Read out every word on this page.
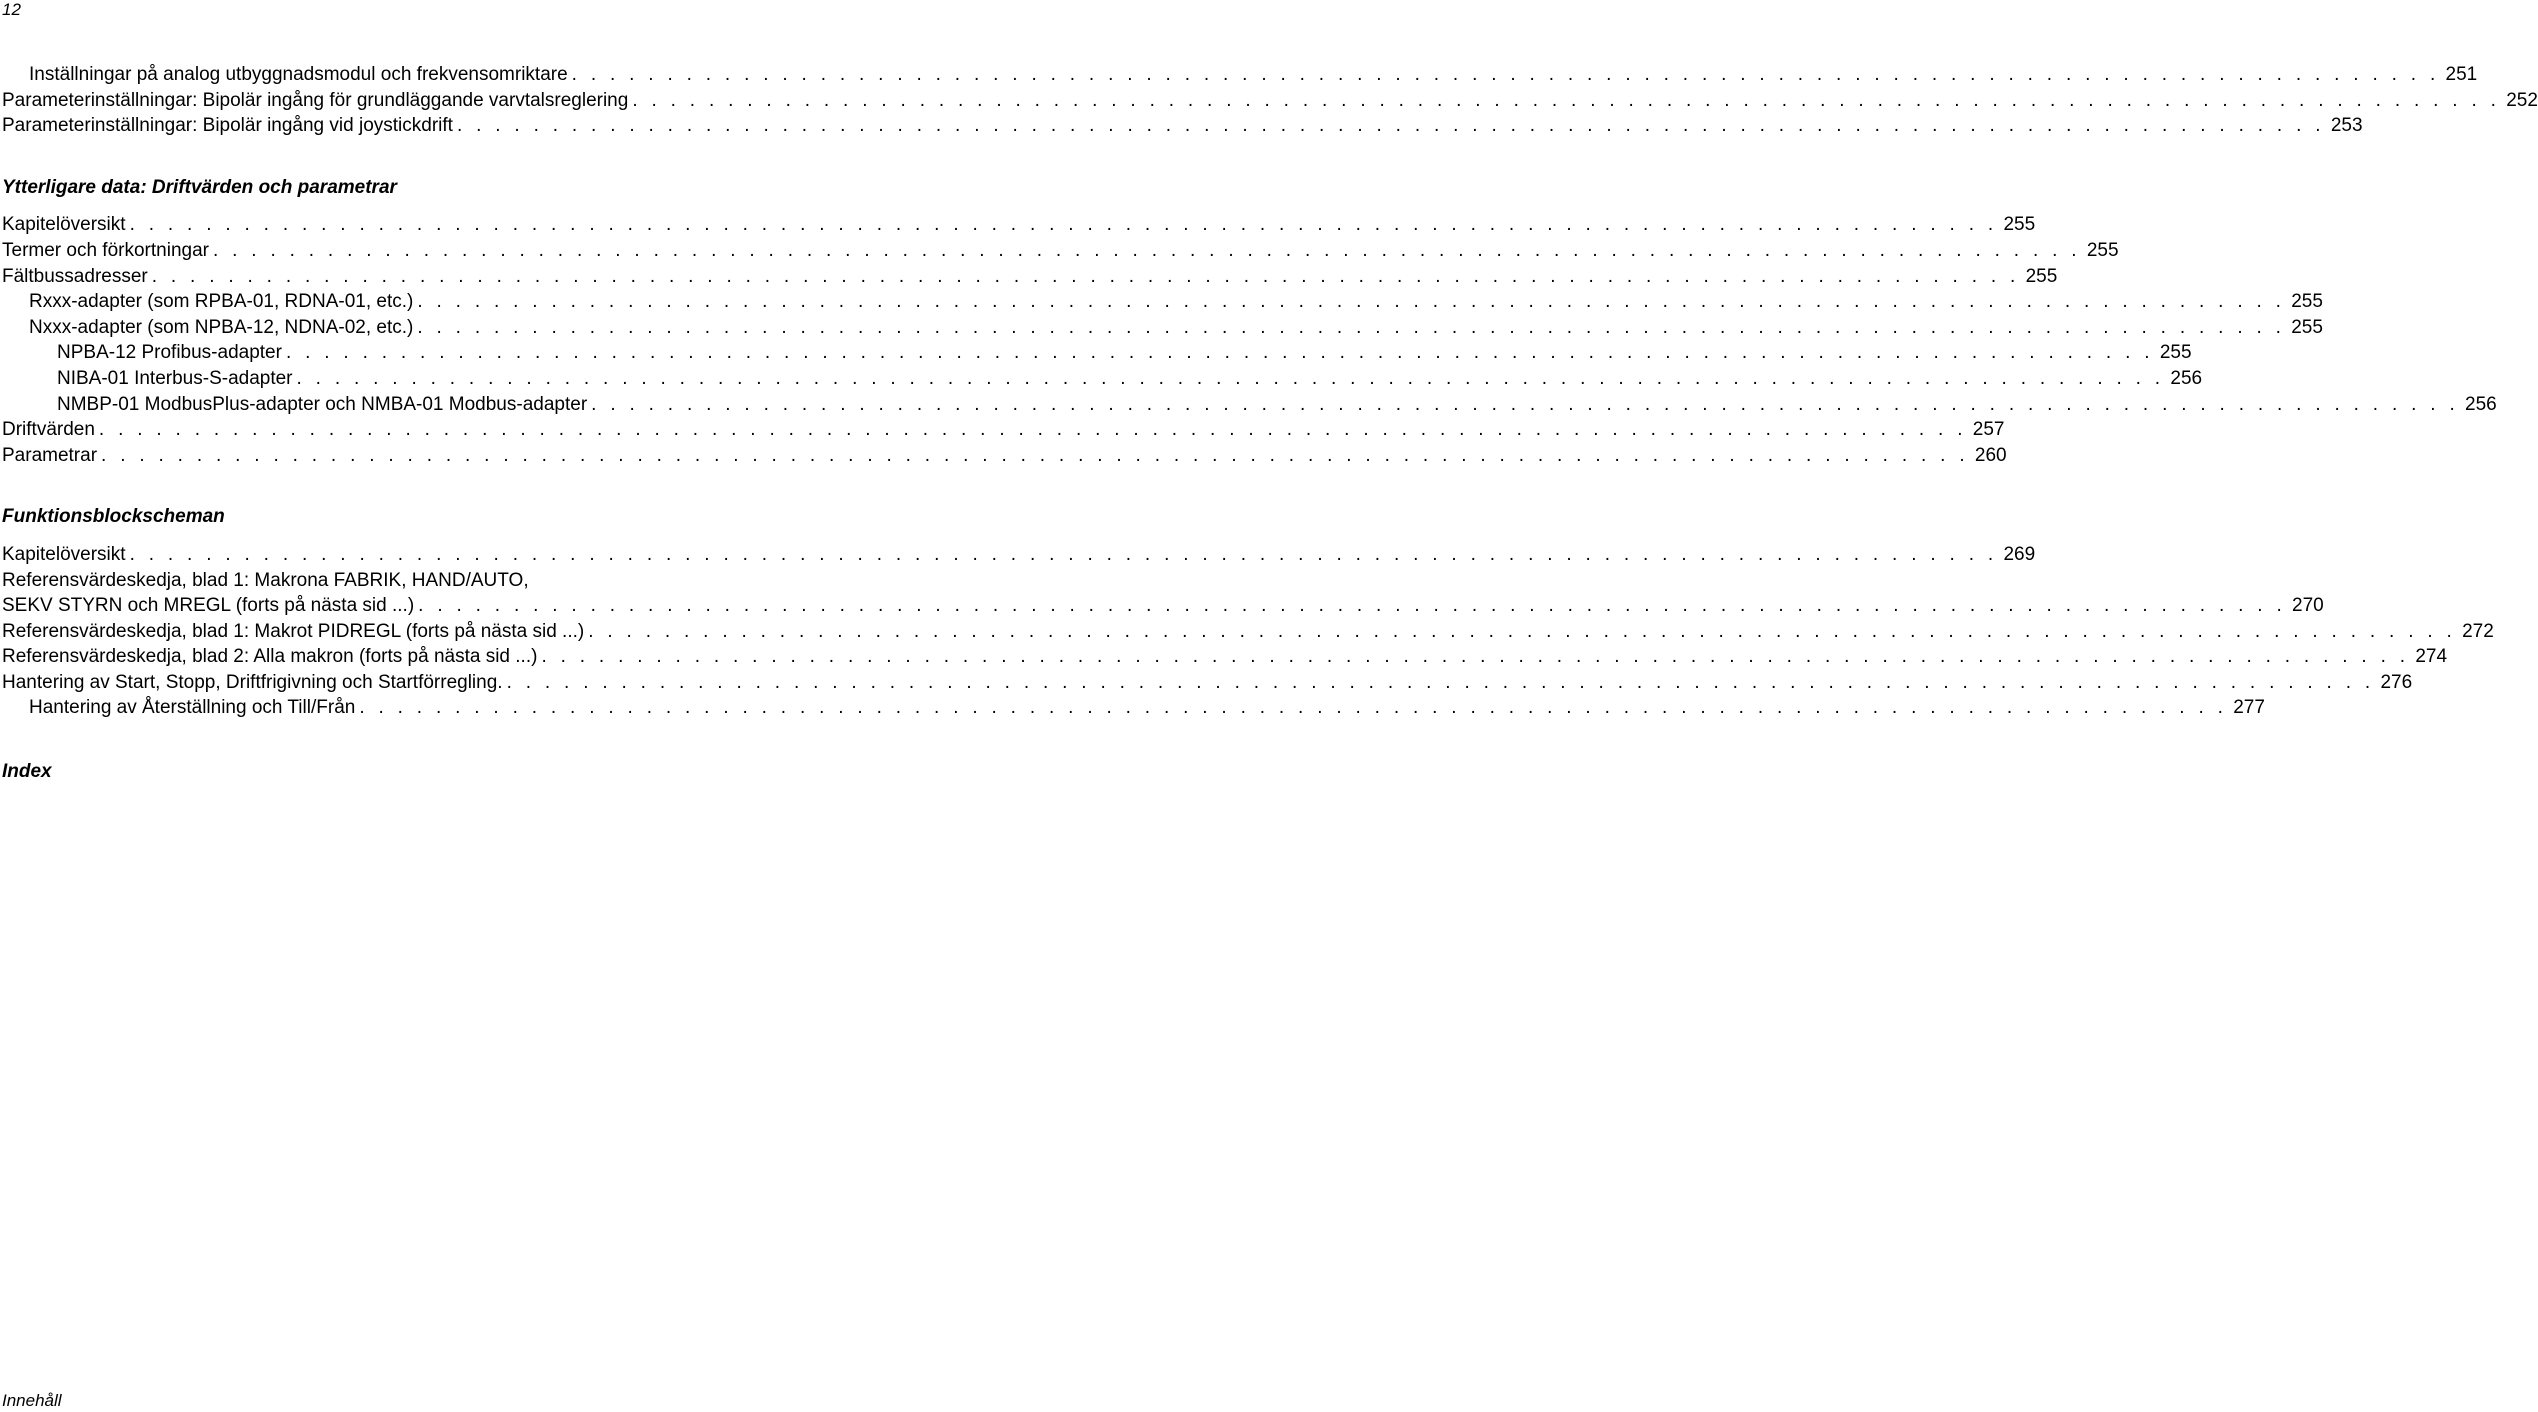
12
Inställningar på analog utbyggnadsmodul och frekvensomriktare . . . . . . . . . . . . . . . . . . . . . . . . . . . . . . . . . . . . . . . . . . . . . . . . . . . . . . . . . . . . . . . . . . . . . . . . . . . . . . . . . . . . . . . . . . . . . . . . . . 251
Parameterinställningar: Bipolär ingång för grundläggande varvtalsreglering . . . . . . . . . . . . . . . . . . . . . . . . . . . . . . . . . . . . . . . . . . . . . . . . . . . . . . . . . . . . . . . . . . . . . . . . . . . . . . . . . . . . . . . . . . . . . . . . . . 252
Parameterinställningar: Bipolär ingång vid joystickdrift . . . . . . . . . . . . . . . . . . . . . . . . . . . . . . . . . . . . . . . . . . . . . . . . . . . . . . . . . . . . . . . . . . . . . . . . . . . . . . . . . . . . . . . . . . . . . . . . . . 253
Ytterligare data: Driftvärden och parametrar
Kapitelöversikt . . . . . . . . . . . . . . . . . . . . . . . . . . . . . . . . . . . . . . . . . . . . . . . . . . . . . . . . . . . . . . . . . . . . . . . . . . . . . . . . . . . . . . . . . . . . . . . . . . 255
Termer och förkortningar . . . . . . . . . . . . . . . . . . . . . . . . . . . . . . . . . . . . . . . . . . . . . . . . . . . . . . . . . . . . . . . . . . . . . . . . . . . . . . . . . . . . . . . . . . . . . . . . . . 255
Fältbussadresser . . . . . . . . . . . . . . . . . . . . . . . . . . . . . . . . . . . . . . . . . . . . . . . . . . . . . . . . . . . . . . . . . . . . . . . . . . . . . . . . . . . . . . . . . . . . . . . . . . 255
Rxxx-adapter (som RPBA-01, RDNA-01, etc.) . . . . . . . . . . . . . . . . . . . . . . . . . . . . . . . . . . . . . . . . . . . . . . . . . . . . . . . . . . . . . . . . . . . . . . . . . . . . . . . . . . . . . . . . . . . . . . . . . . 255
Nxxx-adapter (som NPBA-12, NDNA-02, etc.) . . . . . . . . . . . . . . . . . . . . . . . . . . . . . . . . . . . . . . . . . . . . . . . . . . . . . . . . . . . . . . . . . . . . . . . . . . . . . . . . . . . . . . . . . . . . . . . . . . 255
NPBA-12 Profibus-adapter . . . . . . . . . . . . . . . . . . . . . . . . . . . . . . . . . . . . . . . . . . . . . . . . . . . . . . . . . . . . . . . . . . . . . . . . . . . . . . . . . . . . . . . . . . . . . . . . . . 255
NIBA-01 Interbus-S-adapter . . . . . . . . . . . . . . . . . . . . . . . . . . . . . . . . . . . . . . . . . . . . . . . . . . . . . . . . . . . . . . . . . . . . . . . . . . . . . . . . . . . . . . . . . . . . . . . . . . 256
NMBP-01 ModbusPlus-adapter och NMBA-01 Modbus-adapter . . . . . . . . . . . . . . . . . . . . . . . . . . . . . . . . . . . . . . . . . . . . . . . . . . . . . . . . . . . . . . . . . . . . . . . . . . . . . . . . . . . . . . . . . . . . . . . . . . 256
Driftvärden . . . . . . . . . . . . . . . . . . . . . . . . . . . . . . . . . . . . . . . . . . . . . . . . . . . . . . . . . . . . . . . . . . . . . . . . . . . . . . . . . . . . . . . . . . . . . . . . . . 257
Parametrar . . . . . . . . . . . . . . . . . . . . . . . . . . . . . . . . . . . . . . . . . . . . . . . . . . . . . . . . . . . . . . . . . . . . . . . . . . . . . . . . . . . . . . . . . . . . . . . . . . 260
Funktionsblockscheman
Kapitelöversikt . . . . . . . . . . . . . . . . . . . . . . . . . . . . . . . . . . . . . . . . . . . . . . . . . . . . . . . . . . . . . . . . . . . . . . . . . . . . . . . . . . . . . . . . . . . . . . . . . . 269
Referensvärdeskedja, blad 1: Makrona FABRIK, HAND/AUTO,
SEKV STYRN och MREGL (forts på nästa sid ...) . . . . . . . . . . . . . . . . . . . . . . . . . . . . . . . . . . . . . . . . . . . . . . . . . . . . . . . . . . . . . . . . . . . . . . . . . . . . . . . . . . . . . . . . . . . . . . . . . . 270
Referensvärdeskedja, blad 1: Makrot PIDREGL (forts på nästa sid ...) . . . . . . . . . . . . . . . . . . . . . . . . . . . . . . . . . . . . . . . . . . . . . . . . . . . . . . . . . . . . . . . . . . . . . . . . . . . . . . . . . . . . . . . . . . . . . . . . . . 272
Referensvärdeskedja, blad 2: Alla makron (forts på nästa sid ...) . . . . . . . . . . . . . . . . . . . . . . . . . . . . . . . . . . . . . . . . . . . . . . . . . . . . . . . . . . . . . . . . . . . . . . . . . . . . . . . . . . . . . . . . . . . . . . . . . . 274
Hantering av Start, Stopp, Driftfrigivning och Startförregling. . . . . . . . . . . . . . . . . . . . . . . . . . . . . . . . . . . . . . . . . . . . . . . . . . . . . . . . . . . . . . . . . . . . . . . . . . . . . . . . . . . . . . . . . . . . . . . . . . . 276
Hantering av Återställning och Till/Från . . . . . . . . . . . . . . . . . . . . . . . . . . . . . . . . . . . . . . . . . . . . . . . . . . . . . . . . . . . . . . . . . . . . . . . . . . . . . . . . . . . . . . . . . . . . . . . . . . 277
Index
Innehåll
